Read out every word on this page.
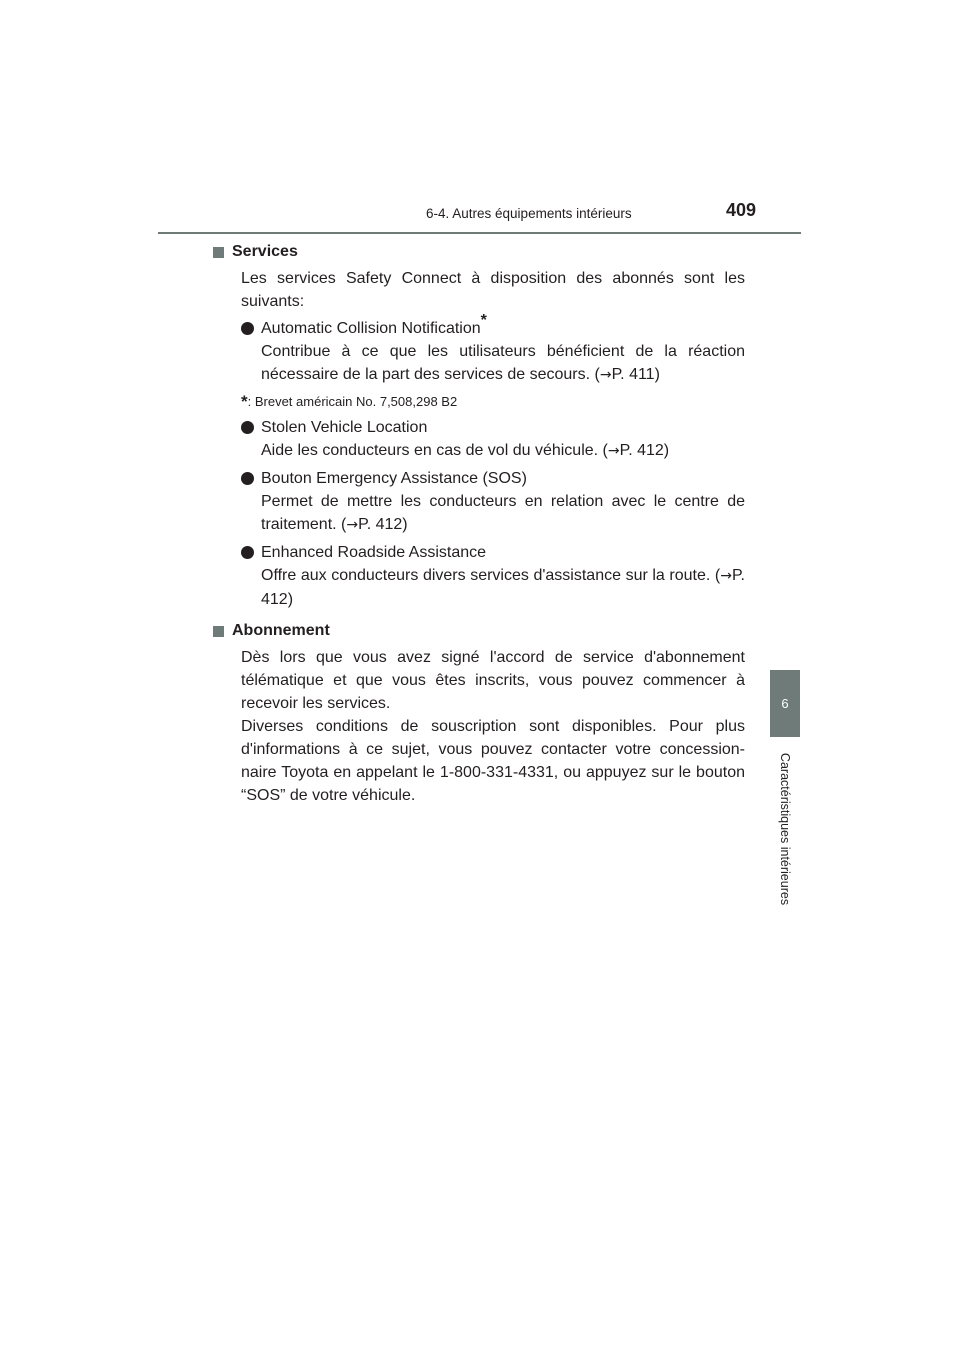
6-4. Autres équipements intérieurs	409
6
Caractéristiques intérieures
Services

Les services Safety Connect à disposition des abonnés sont les suivants:

Automatic Collision Notification*
Contribue à ce que les utilisateurs bénéficient de la réaction nécessaire de la part des services de secours. (→P. 411)
*: Brevet américain No. 7,508,298 B2
Stolen Vehicle Location
Aide les conducteurs en cas de vol du véhicule. (→P. 412)
Bouton Emergency Assistance (SOS)
Permet de mettre les conducteurs en relation avec le centre de traitement. (→P. 412)
Enhanced Roadside Assistance
Offre aux conducteurs divers services d'assistance sur la route. (→P. 412)
Abonnement

Dès lors que vous avez signé l'accord de service d'abonnement télématique et que vous êtes inscrits, vous pouvez commencer à recevoir les services.

Diverses conditions de souscription sont disponibles. Pour plus d'informations à ce sujet, vous pouvez contacter votre concession-naire Toyota en appelant le 1-800-331-4331, ou appuyez sur le bouton “SOS” de votre véhicule.
